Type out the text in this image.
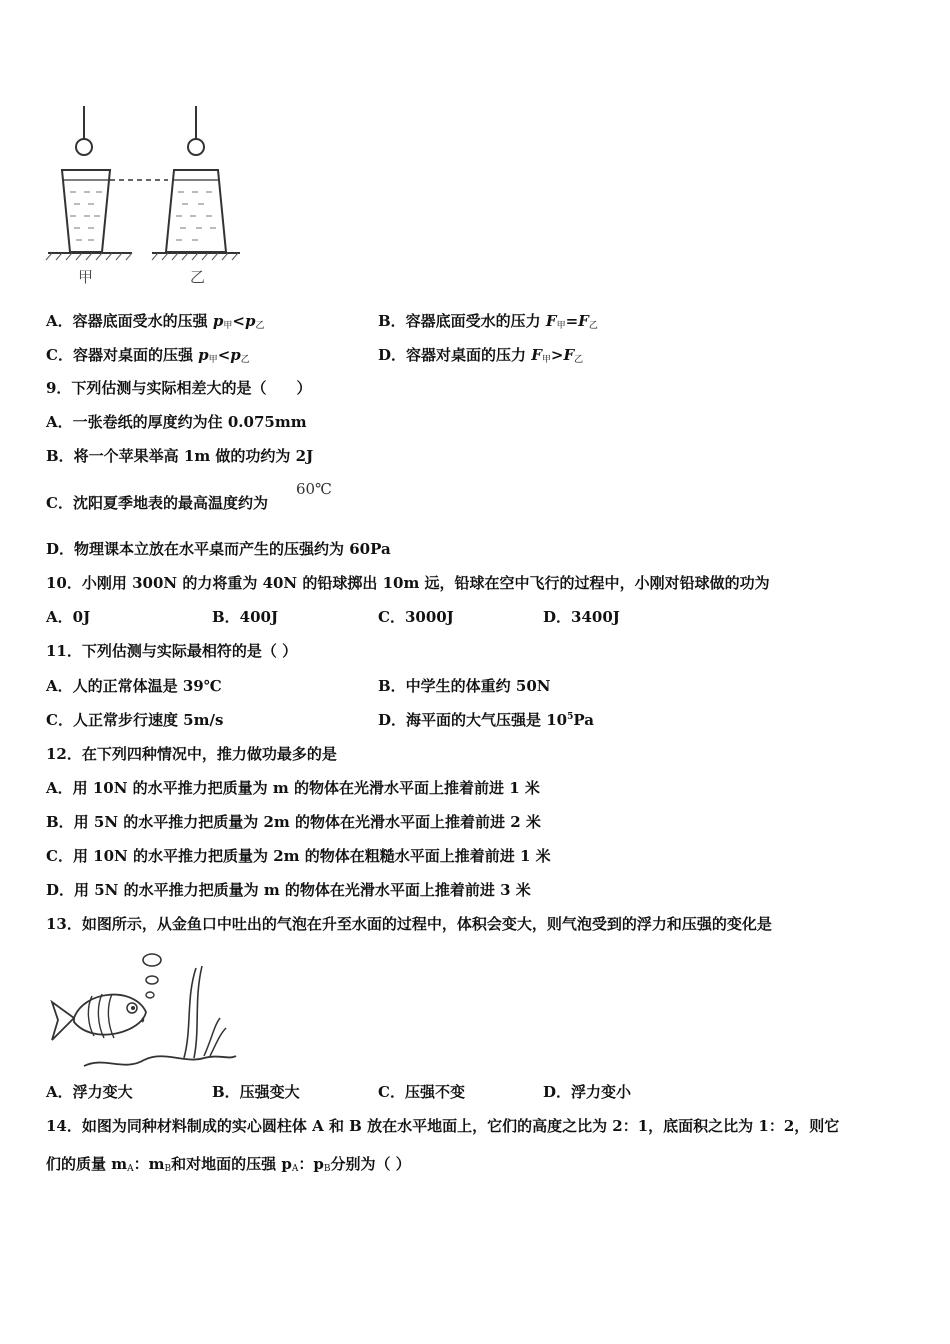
甲	乙
A．容器底面受水的压强 p甲<p乙	B．容器底面受水的压力 F甲=F乙
C．容器对桌面的压强 p甲<p乙	D．容器对桌面的压力 F甲>F乙
9．下列估测与实际相差大的是（　　）
A．一张卷纸的厚度约为住 0.075mm
B．将一个苹果举高 1m 做的功约为 2J
C．沈阳夏季地表的最高温度约为
60℃
D．物理课本立放在水平桌而产生的压强约为 60Pa
10．小刚用 300N 的力将重为 40N 的铅球掷出 10m 远，铅球在空中飞行的过程中，小刚对铅球做的功为
A．0J	B．400J	C．3000J	D．3400J
11．下列估测与实际最相符的是（ ）
A．人的正常体温是 39℃	B．中学生的体重约 50N
C．人正常步行速度 5m/s	D．海平面的大气压强是 $10^5Pa$
12．在下列四种情况中，推力做功最多的是
A．用 10N 的水平推力把质量为 m 的物体在光滑水平面上推着前进 1 米
B．用 5N 的水平推力把质量为 2m 的物体在光滑水平面上推着前进 2 米
C．用 10N 的水平推力把质量为 2m 的物体在粗糙水平面上推着前进 1 米
D．用 5N 的水平推力把质量为 m 的物体在光滑水平面上推着前进 3 米
13．如图所示，从金鱼口中吐出的气泡在升至水面的过程中，体积会变大，则气泡受到的浮力和压强的变化是
A．浮力变大	B．压强变大	C．压强不变	D．浮力变小
14．如图为同种材料制成的实心圆柱体 A 和 B 放在水平地面上，它们的高度之比为 2：1，底面积之比为 1：2，则它
们的质量 mA：mB和对地面的压强 pA：pB分别为（ ）
